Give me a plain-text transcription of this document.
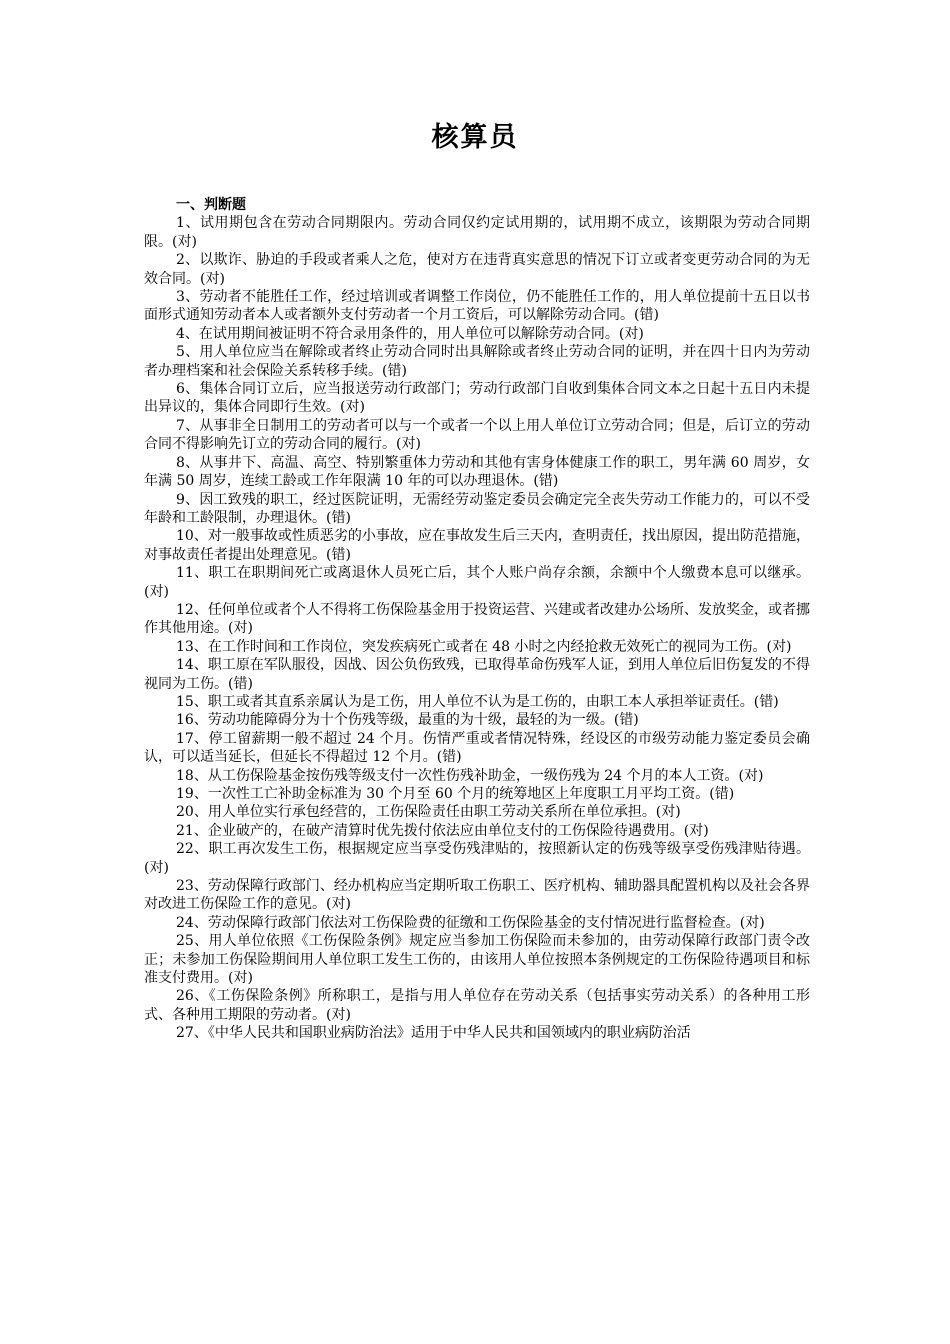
核算员

一、判断题

1、试用期包含在劳动合同期限内。劳动合同仅约定试用期的，试用期不成立，该期限为劳动合同期限。(对)

2、以欺诈、胁迫的手段或者乘人之危，使对方在违背真实意思的情况下订立或者变更劳动合同的为无效合同。(对)

3、劳动者不能胜任工作，经过培训或者调整工作岗位，仍不能胜任工作的，用人单位提前十五日以书面形式通知劳动者本人或者额外支付劳动者一个月工资后，可以解除劳动合同。(错)

4、在试用期间被证明不符合录用条件的，用人单位可以解除劳动合同。(对)

5、用人单位应当在解除或者终止劳动合同时出具解除或者终止劳动合同的证明，并在四十日内为劳动者办理档案和社会保险关系转移手续。(错)

6、集体合同订立后，应当报送劳动行政部门；劳动行政部门自收到集体合同文本之日起十五日内未提出异议的，集体合同即行生效。(对)

7、从事非全日制用工的劳动者可以与一个或者一个以上用人单位订立劳动合同；但是，后订立的劳动合同不得影响先订立的劳动合同的履行。(对)

8、从事井下、高温、高空、特别繁重体力劳动和其他有害身体健康工作的职工，男年满 60 周岁，女年满 50 周岁，连续工龄或工作年限满 10 年的可以办理退休。(错)

9、因工致残的职工，经过医院证明，无需经劳动鉴定委员会确定完全丧失劳动工作能力的，可以不受年龄和工龄限制，办理退休。(错)

10、对一般事故或性质恶劣的小事故，应在事故发生后三天内，查明责任，找出原因，提出防范措施，对事故责任者提出处理意见。(错)

11、职工在职期间死亡或离退休人员死亡后，其个人账户尚存余额，余额中个人缴费本息可以继承。(对)

12、任何单位或者个人不得将工伤保险基金用于投资运营、兴建或者改建办公场所、发放奖金，或者挪作其他用途。(对)

13、在工作时间和工作岗位，突发疾病死亡或者在 48 小时之内经抢救无效死亡的视同为工伤。(对)

14、职工原在军队服役，因战、因公负伤致残，已取得革命伤残军人证，到用人单位后旧伤复发的不得视同为工伤。(错)

15、职工或者其直系亲属认为是工伤，用人单位不认为是工伤的，由职工本人承担举证责任。(错)

16、劳动功能障碍分为十个伤残等级，最重的为十级，最轻的为一级。(错)

17、停工留薪期一般不超过 24 个月。伤情严重或者情况特殊，经设区的市级劳动能力鉴定委员会确认，可以适当延长，但延长不得超过 12 个月。(错)

18、从工伤保险基金按伤残等级支付一次性伤残补助金，一级伤残为 24 个月的本人工资。(对)

19、一次性工亡补助金标准为 30 个月至 60 个月的统筹地区上年度职工月平均工资。(错)

20、用人单位实行承包经营的，工伤保险责任由职工劳动关系所在单位承担。(对)

21、企业破产的，在破产清算时优先拨付依法应由单位支付的工伤保险待遇费用。(对)

22、职工再次发生工伤，根据规定应当享受伤残津贴的，按照新认定的伤残等级享受伤残津贴待遇。(对)

23、劳动保障行政部门、经办机构应当定期听取工伤职工、医疗机构、辅助器具配置机构以及社会各界对改进工伤保险工作的意见。(对)

24、劳动保障行政部门依法对工伤保险费的征缴和工伤保险基金的支付情况进行监督检查。(对)

25、用人单位依照《工伤保险条例》规定应当参加工伤保险而未参加的，由劳动保障行政部门责令改正；未参加工伤保险期间用人单位职工发生工伤的，由该用人单位按照本条例规定的工伤保险待遇项目和标准支付费用。(对)

26、《工伤保险条例》所称职工，是指与用人单位存在劳动关系（包括事实劳动关系）的各种用工形式、各种用工期限的劳动者。(对)

27、《中华人民共和国职业病防治法》适用于中华人民共和国领域内的职业病防治活
